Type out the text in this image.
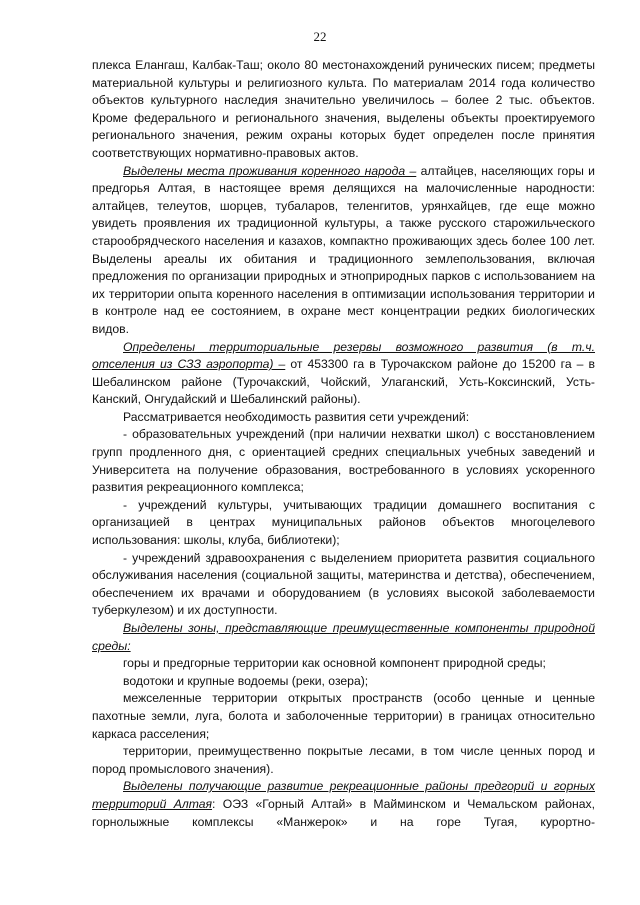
22

плекса Елангаш, Калбак-Таш; около 80 местонахождений рунических писем; предметы материальной культуры и религиозного культа. По материалам 2014 года количество объектов культурного наследия значительно увеличилось – более 2 тыс. объектов. Кроме федерального и регионального значения, выделены объекты проектируемого регионального значения, режим охраны которых будет определен после принятия соответствующих нормативно-правовых актов.

Выделены места проживания коренного народа – алтайцев, населяющих горы и предгорья Алтая, в настоящее время делящихся на малочисленные народности: алтайцев, телеутов, шорцев, тубаларов, теленгитов, урянхайцев, где еще можно увидеть проявления их традиционной культуры, а также русского старожильческого старообрядческого населения и казахов, компактно проживающих здесь более 100 лет. Выделены ареалы их обитания и традиционного землепользования, включая предложения по организации природных и этноприродных парков с использованием на их территории опыта коренного населения в оптимизации использования территории и в контроле над ее состоянием, в охране мест концентрации редких биологических видов.

Определены территориальные резервы возможного развития (в т.ч. отселения из СЗЗ аэропорта) – от 453300 га в Турочакском районе до 15200 га – в Шебалинском районе (Турочакский, Чойский, Улаганский, Усть-Коксинский, Усть-Канский, Онгудайский и Шебалинский районы).

Рассматривается необходимость развития сети учреждений:

- образовательных учреждений (при наличии нехватки школ) с восстановлением групп продленного дня, с ориентацией средних специальных учебных заведений и Университета на получение образования, востребованного в условиях ускоренного развития рекреационного комплекса;

- учреждений культуры, учитывающих традиции домашнего воспитания с организацией в центрах муниципальных районов объектов многоцелевого использования: школы, клуба, библиотеки);

- учреждений здравоохранения с выделением приоритета развития социального обслуживания населения (социальной защиты, материнства и детства), обеспечением, обеспечением их врачами и оборудованием (в условиях высокой заболеваемости туберкулезом) и их доступности.

Выделены зоны, представляющие преимущественные компоненты природной среды:

горы и предгорные территории как основной компонент природной среды;

водотоки и крупные водоемы (реки, озера);

межселенные территории открытых пространств (особо ценные и ценные пахотные земли, луга, болота и заболоченные территории) в границах относительно каркаса расселения;

территории, преимущественно покрытые лесами, в том числе ценных пород и пород промыслового значения).

Выделены получающие развитие рекреационные районы предгорий и горных территорий Алтая: ОЭЗ «Горный Алтай» в Майминском и Чемальском районах, горнолыжные комплексы «Манжерок» и на горе Тугая, курортно-
